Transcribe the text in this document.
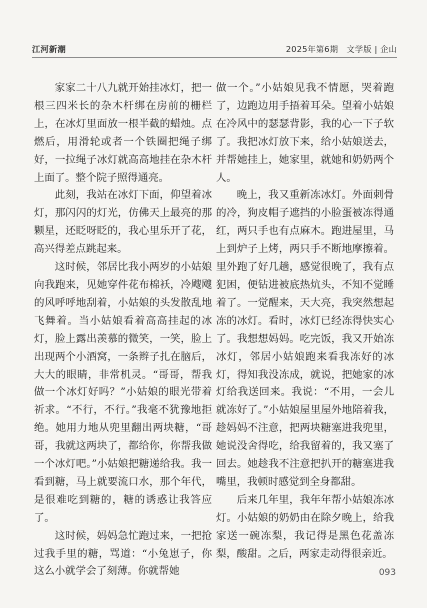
江河新潮	2025年第6期　文学版 | 企山

家家二十八九就开始挂冰灯，把一根三四米长的杂木杆绑在房前的栅栏上，在冰灯里面放一根半截的蜡烛。点燃后，用滑轮或者一个铁圈把绳子绑好，一拉绳子冰灯就高高地挂在杂木杆上面了。整个院子照得通亮。

此刻，我站在冰灯下面，仰望着冰灯，那闪闪的灯光，仿佛天上最亮的那颗星，还眨呀眨的，我心里乐开了花，高兴得差点跳起来。

这时候，邻居比我小两岁的小姑娘向我跑来，见她穿件花布棉袄，冷飕飕的风呼呼地刮着，小姑娘的头发散乱地飞舞着。当小姑娘看着高高挂起的冰灯，脸上露出羡慕的微笑，一笑，脸上出现两个小酒窝，一条辫子扎在脑后，大大的眼睛，非常机灵。“哥哥，帮我做一个冰灯好吗？”小姑娘的眼光带着祈求。“不行，不行。”我毫不犹豫地拒绝。她用力地从兜里翻出两块糖，“哥哥，我就这两块了，都给你，你帮我做一个冰灯吧。”小姑娘把糖递给我。我一看到糖，马上就要流口水，那个年代，是很难吃到糖的，糖的诱惑让我答应了。

这时候，妈妈急忙跑过来，一把抢过我手里的糖，骂道：“小兔崽子，你这么小就学会了刻薄。你就帮她

做一个。”小姑娘见我不情愿，哭着跑了，边跑边用手捂着耳朵。望着小姑娘在冷风中的瑟瑟背影，我的心一下子软了。我把冰灯放下来，给小姑娘送去，并帮她挂上，她家里，就她和奶奶两个人。

晚上，我又重新冻冰灯。外面刺骨的冷，狗皮帽子遮挡的小脸蛋被冻得通红，两只手也有点麻木。跑进屋里，马上到炉子上烤，两只手不断地摩擦着。里外跑了好几趟，感觉很晚了，我有点犯困，便钻进被底热炕头，不知不觉睡着了。一觉醒来，天大亮，我突然想起冻的冰灯。看时，冰灯已经冻得快实心了。我想想妈妈。吃完饭，我又开始冻冰灯，邻居小姑娘跑来看我冻好的冰灯，得知我没冻成，就说，把她家的冰灯给我送回来。我说：“不用，一会儿就冻好了。”小姑娘屋里屋外地陪着我，趁妈妈不注意，把两块糖塞进我兜里，她说没舍得吃，给我留着的，我又塞了回去。她趁我不注意把扒开的糖塞进我嘴里，我顿时感觉到全身都甜。

后来几年里，我年年帮小姑娘冻冰灯。小姑娘的奶奶由在除夕晚上，给我家送一碗冻梨，我记得是黑色花盖冻梨，酸甜。之后，两家走动得很亲近。

093
